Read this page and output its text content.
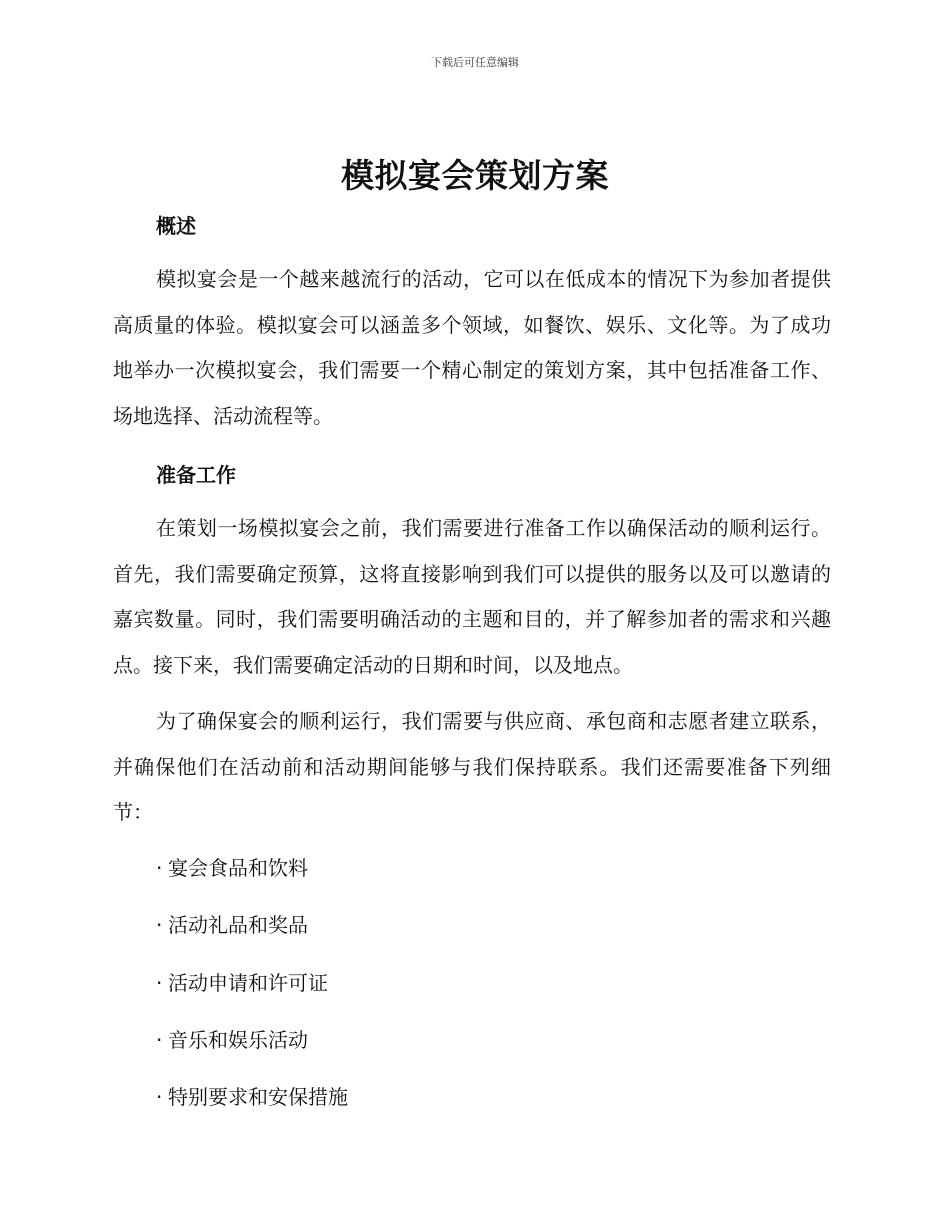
下载后可任意编辑
模拟宴会策划方案
概述

模拟宴会是一个越来越流行的活动，它可以在低成本的情况下为参加者提供高质量的体验。模拟宴会可以涵盖多个领域，如餐饮、娱乐、文化等。为了成功地举办一次模拟宴会，我们需要一个精心制定的策划方案，其中包括准备工作、场地选择、活动流程等。

准备工作

在策划一场模拟宴会之前，我们需要进行准备工作以确保活动的顺利运行。首先，我们需要确定预算，这将直接影响到我们可以提供的服务以及可以邀请的嘉宾数量。同时，我们需要明确活动的主题和目的，并了解参加者的需求和兴趣点。接下来，我们需要确定活动的日期和时间，以及地点。

为了确保宴会的顺利运行，我们需要与供应商、承包商和志愿者建立联系，并确保他们在活动前和活动期间能够与我们保持联系。我们还需要准备下列细节：

· 宴会食品和饮料
· 活动礼品和奖品
· 活动申请和许可证
· 音乐和娱乐活动
· 特别要求和安保措施
